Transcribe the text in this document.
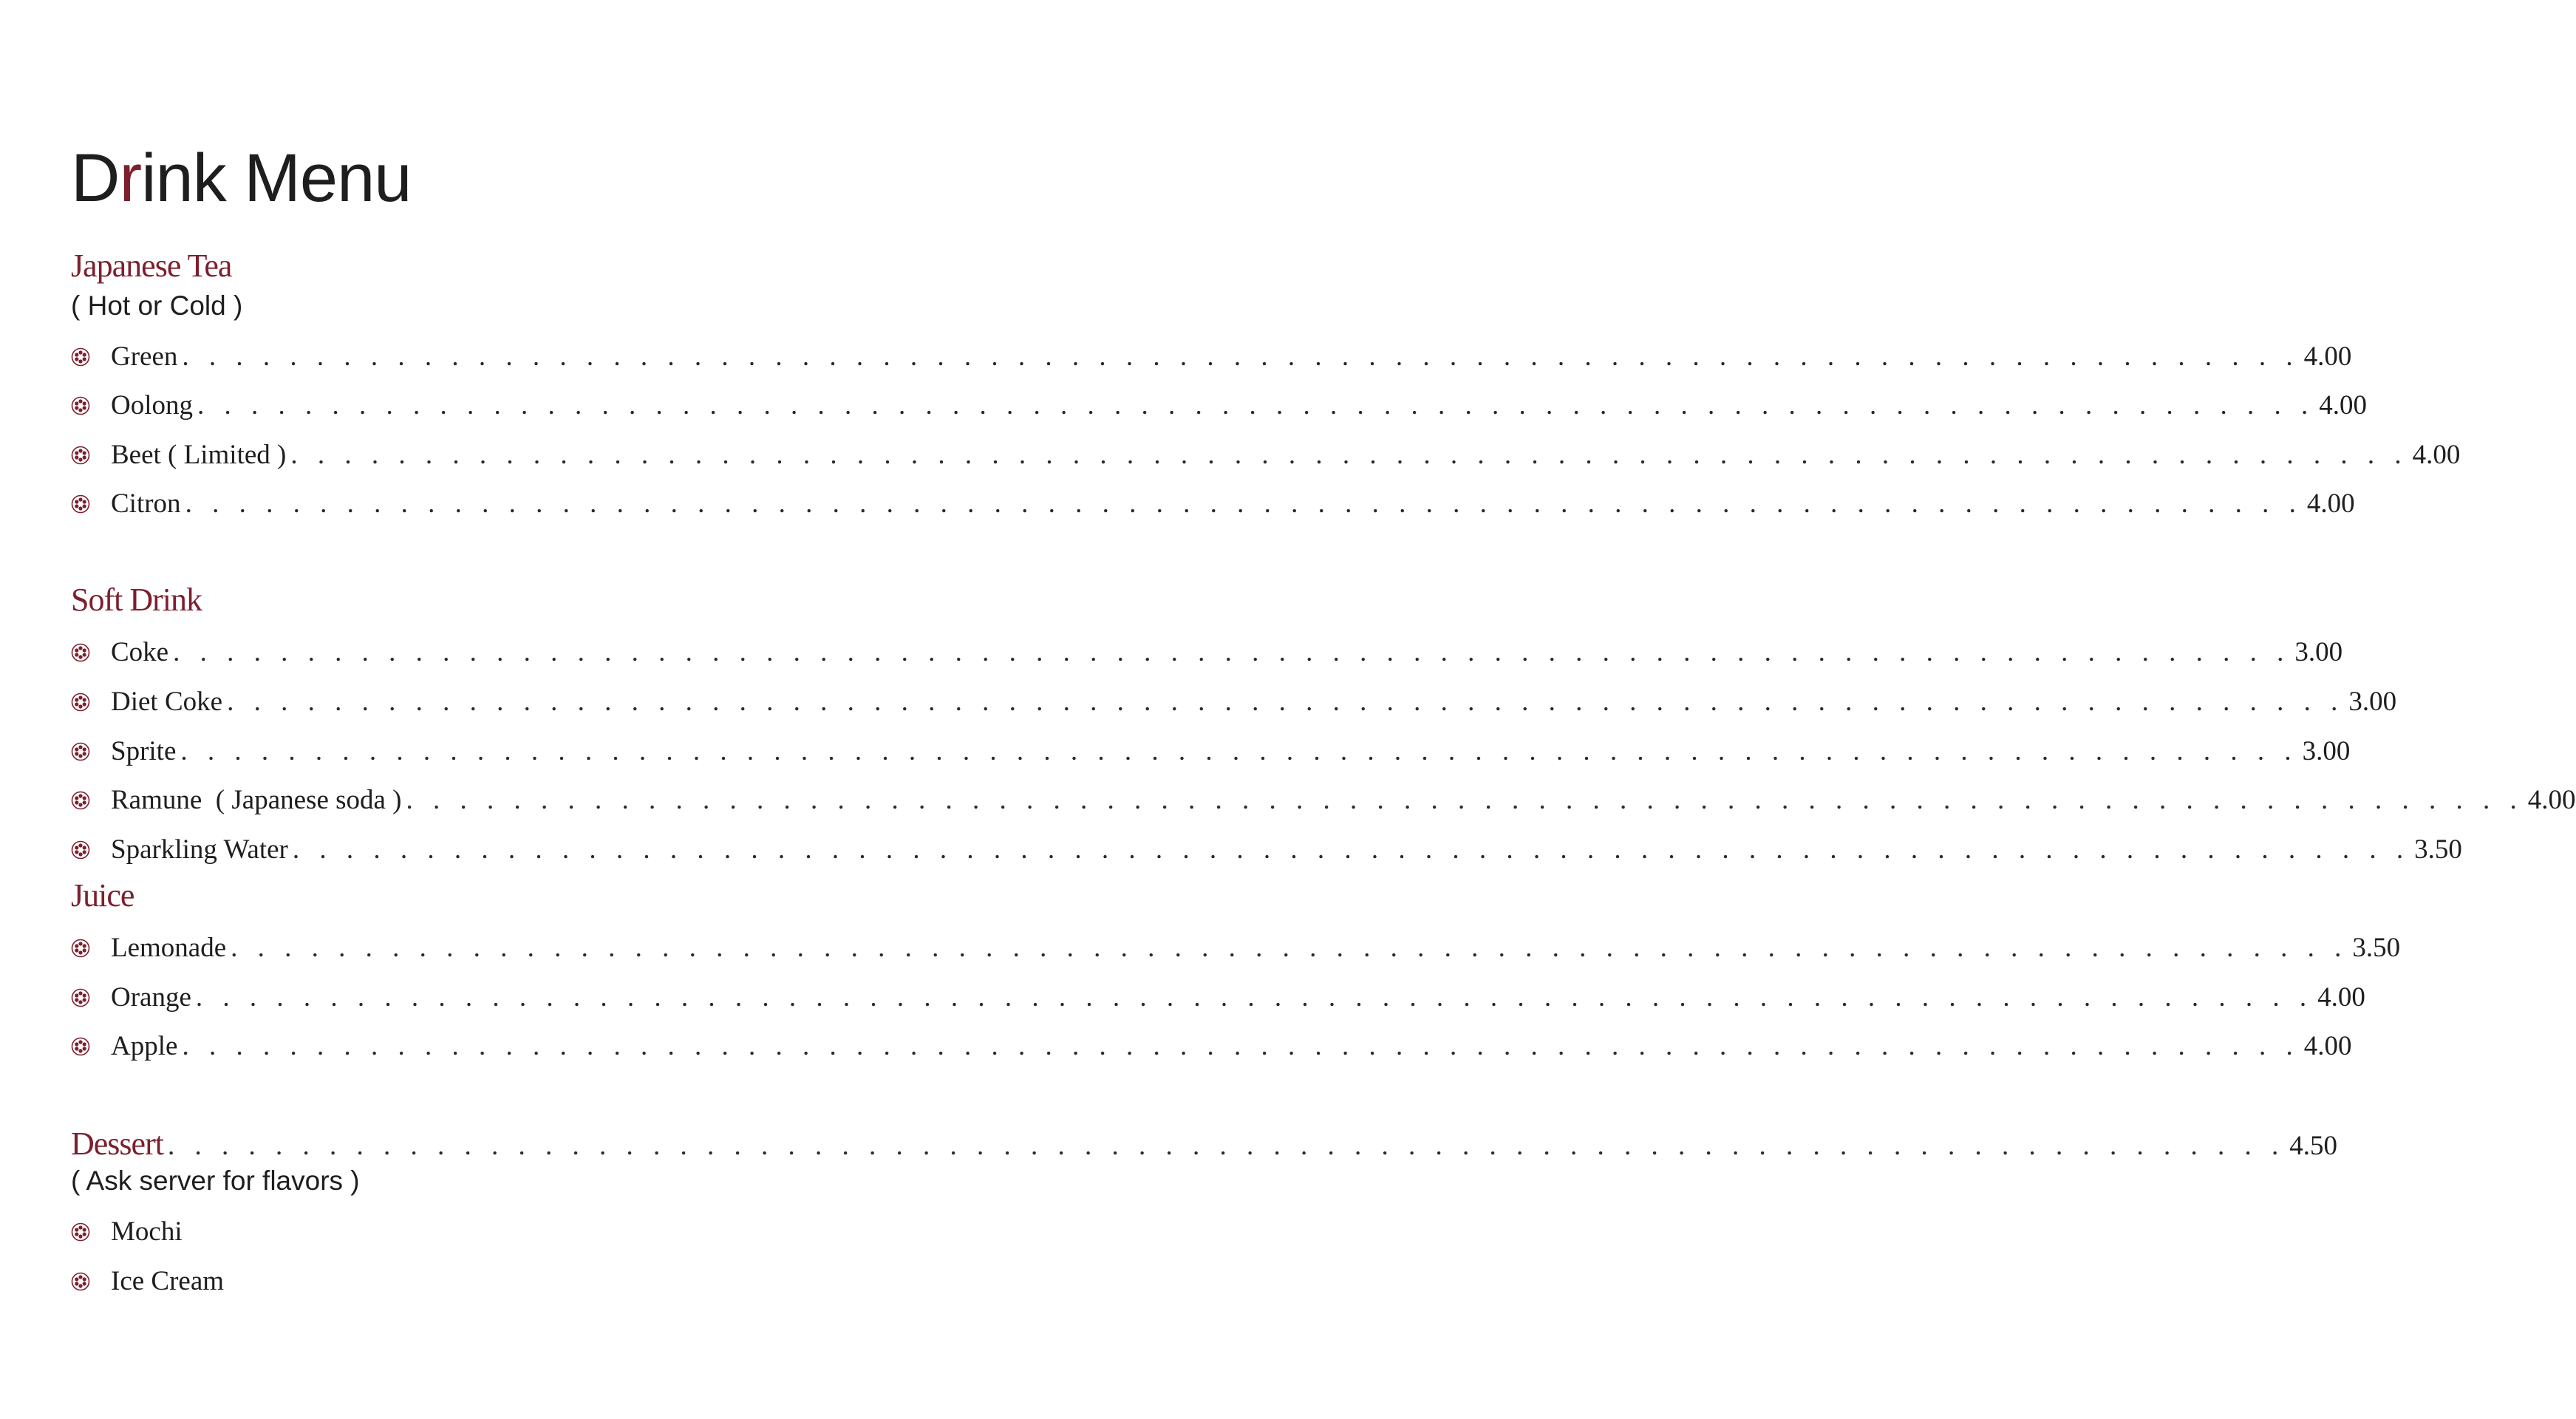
Drink Menu
Japanese Tea
( Hot or Cold )
Green . . . . . . . . . . . . . . . . . . . . . . . . . . . . . . . . . . . . . . . . . . . . . . . . . . . . . . . . . . . . . . . . . . . . . . . . . . . . . . . 4.00
Oolong . . . . . . . . . . . . . . . . . . . . . . . . . . . . . . . . . . . . . . . . . . . . . . . . . . . . . . . . . . . . . . . . . . . . . . . . . . . . . . . 4.00
Beet ( Limited ) . . . . . . . . . . . . . . . . . . . . . . . . . . . . . . . . . . . . . . . . . . . . . . . . . . . . . . . . . . . . . . . . . . . . . . . . . . . . . . . 4.00
Citron . . . . . . . . . . . . . . . . . . . . . . . . . . . . . . . . . . . . . . . . . . . . . . . . . . . . . . . . . . . . . . . . . . . . . . . . . . . . . . . 4.00
Soft Drink
Coke . . . . . . . . . . . . . . . . . . . . . . . . . . . . . . . . . . . . . . . . . . . . . . . . . . . . . . . . . . . . . . . . . . . . . . . . . . . . . . . 3.00
Diet Coke . . . . . . . . . . . . . . . . . . . . . . . . . . . . . . . . . . . . . . . . . . . . . . . . . . . . . . . . . . . . . . . . . . . . . . . . . . . . . . . 3.00
Sprite . . . . . . . . . . . . . . . . . . . . . . . . . . . . . . . . . . . . . . . . . . . . . . . . . . . . . . . . . . . . . . . . . . . . . . . . . . . . . . . 3.00
Ramune  ( Japanese soda ) . . . . . . . . . . . . . . . . . . . . . . . . . . . . . . . . . . . . . . . . . . . . . . . . . . . . . . . . . . . . . . . . . . . . . . . . . . . . . . . 4.00
Sparkling Water . . . . . . . . . . . . . . . . . . . . . . . . . . . . . . . . . . . . . . . . . . . . . . . . . . . . . . . . . . . . . . . . . . . . . . . . . . . . . . . 3.50
Juice
Lemonade . . . . . . . . . . . . . . . . . . . . . . . . . . . . . . . . . . . . . . . . . . . . . . . . . . . . . . . . . . . . . . . . . . . . . . . . . . . . . . . 3.50
Orange . . . . . . . . . . . . . . . . . . . . . . . . . . . . . . . . . . . . . . . . . . . . . . . . . . . . . . . . . . . . . . . . . . . . . . . . . . . . . . . 4.00
Apple . . . . . . . . . . . . . . . . . . . . . . . . . . . . . . . . . . . . . . . . . . . . . . . . . . . . . . . . . . . . . . . . . . . . . . . . . . . . . . . 4.00
Dessert . . . . . . . . . . . . . . . . . . . . . . . . . . . . . . . . . . . . . . . . . . . . . . . . . . . . . . . . . . . . . . . . . . . . . . . . . . . . . . . 4.50
( Ask server for flavors )
Mochi
Ice Cream
